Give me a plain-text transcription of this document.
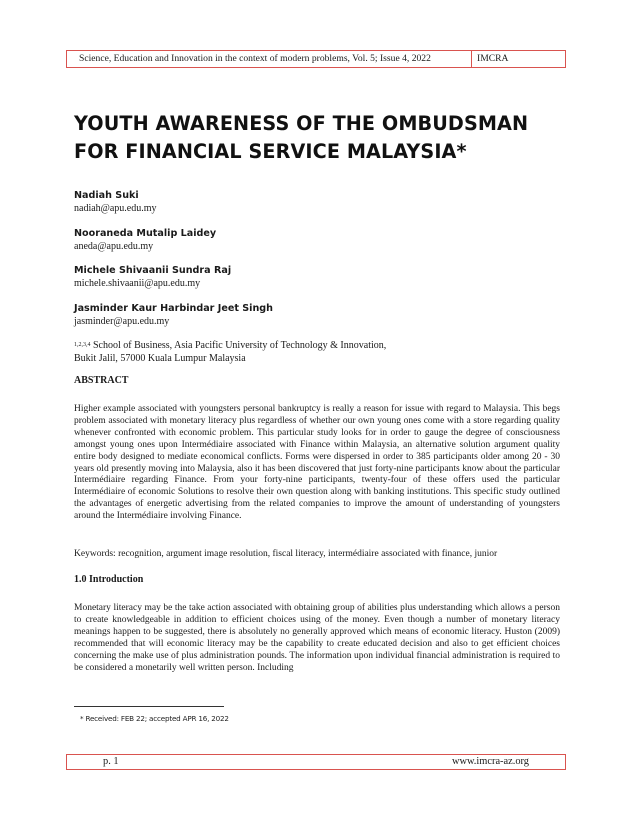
Science, Education and Innovation in the context of modern problems, Vol. 5; Issue 4, 2022	IMCRA
YOUTH AWARENESS OF THE OMBUDSMAN
FOR FINANCIAL SERVICE MALAYSIA*
Nadiah Suki
nadiah@apu.edu.my
Nooraneda Mutalip Laidey
aneda@apu.edu.my
Michele Shivaanii Sundra Raj
michele.shivaanii@apu.edu.my
Jasminder Kaur Harbindar Jeet Singh
jasminder@apu.edu.my
$^{1,2,3,4}$ School of Business, Asia Pacific University of Technology & Innovation,
Bukit Jalil, 57000 Kuala Lumpur Malaysia
ABSTRACT

Higher example associated with youngsters personal bankruptcy is really a reason for issue with regard to Malaysia. This begs problem associated with monetary literacy plus regardless of whether our own young ones come with a store regarding quality whenever confronted with economic problem. This particular study looks for in order to gauge the degree of consciousness amongst young ones upon Intermédiaire associated with Finance within Malaysia, an alternative solution argument quality entire body designed to mediate economical conflicts. Forms were dispersed in order to 385 participants older among 20 - 30 years old presently moving into Malaysia, also it has been discovered that just forty-nine participants know about the particular Intermédiaire regarding Finance. From your forty-nine participants, twenty-four of these offers used the particular Intermédiaire of economic Solutions to resolve their own question along with banking institutions. This specific study outlined the advantages of energetic advertising from the related companies to improve the amount of understanding of youngsters around the Intermédiaire involving Finance.

Keywords: recognition, argument image resolution, fiscal literacy, intermédiaire associated with finance, junior
1.0 Introduction

Monetary literacy may be the take action associated with obtaining group of abilities plus understanding which allows a person to create knowledgeable in addition to efficient choices using of the money. Even though a number of monetary literacy meanings happen to be suggested, there is absolutely no generally approved which means of economic literacy. Huston (2009) recommended that will economic literacy may be the capability to create educated decision and also to get efficient choices concerning the make use of plus administration pounds. The information upon individual financial administration is required to be considered a monetarily well written person. Including

* Received: FEB 22; accepted APR 16, 2022
p. 1	www.imcra-az.org
